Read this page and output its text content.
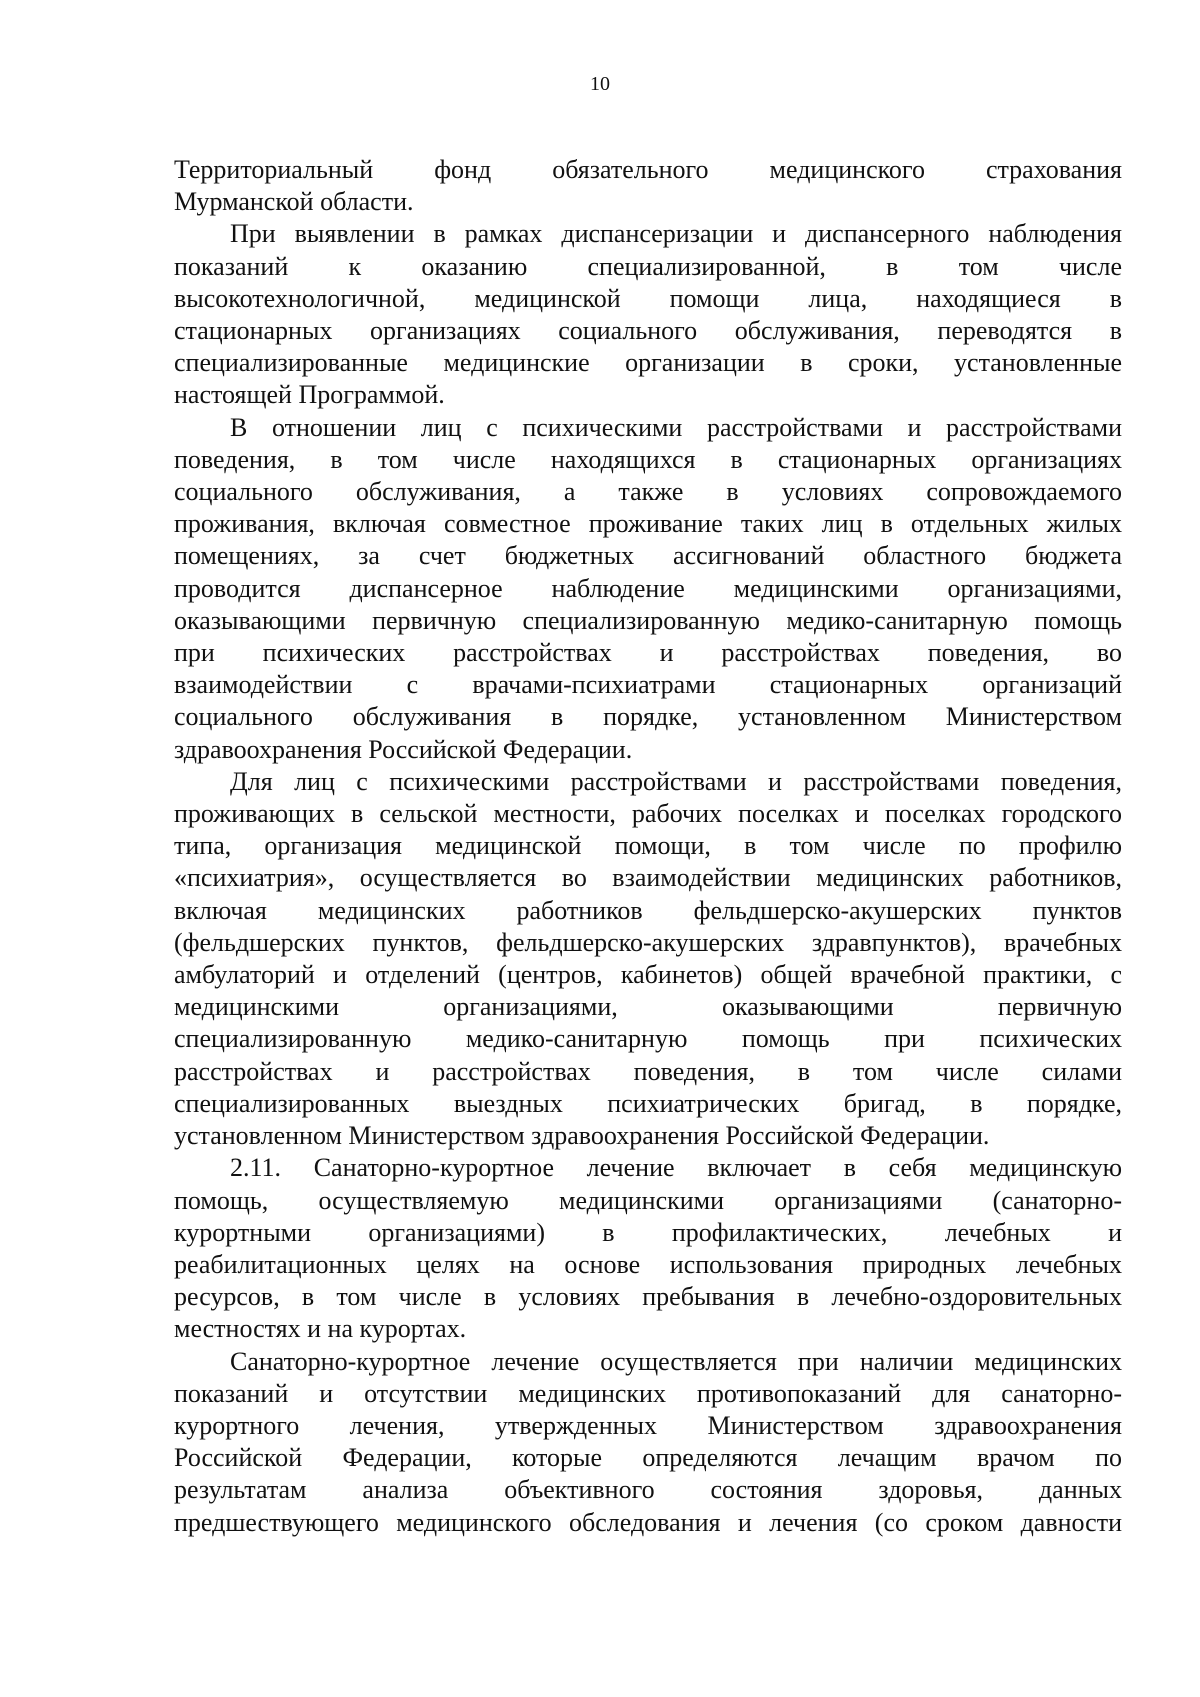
10

Территориальный фонд обязательного медицинского страхования
Мурманской области.

При выявлении в рамках диспансеризации и диспансерного наблюдения
показаний к оказанию специализированной, в том числе
высокотехнологичной, медицинской помощи лица, находящиеся в
стационарных организациях социального обслуживания, переводятся в
специализированные медицинские организации в сроки, установленные
настоящей Программой.

В отношении лиц с психическими расстройствами и расстройствами
поведения, в том числе находящихся в стационарных организациях
социального обслуживания, а также в условиях сопровождаемого
проживания, включая совместное проживание таких лиц в отдельных жилых
помещениях, за счет бюджетных ассигнований областного бюджета
проводится диспансерное наблюдение медицинскими организациями,
оказывающими первичную специализированную медико-санитарную помощь
при психических расстройствах и расстройствах поведения, во
взаимодействии с врачами-психиатрами стационарных организаций
социального обслуживания в порядке, установленном Министерством
здравоохранения Российской Федерации.

Для лиц с психическими расстройствами и расстройствами поведения,
проживающих в сельской местности, рабочих поселках и поселках городского
типа, организация медицинской помощи, в том числе по профилю
«психиатрия», осуществляется во взаимодействии медицинских работников,
включая медицинских работников фельдшерско-акушерских пунктов
(фельдшерских пунктов, фельдшерско-акушерских здравпунктов), врачебных
амбулаторий и отделений (центров, кабинетов) общей врачебной практики, с
медицинскими организациями, оказывающими первичную
специализированную медико-санитарную помощь при психических
расстройствах и расстройствах поведения, в том числе силами
специализированных выездных психиатрических бригад, в порядке,
установленном Министерством здравоохранения Российской Федерации.

2.11. Санаторно-курортное лечение включает в себя медицинскую
помощь, осуществляемую медицинскими организациями (санаторно-
курортными организациями) в профилактических, лечебных и
реабилитационных целях на основе использования природных лечебных
ресурсов, в том числе в условиях пребывания в лечебно-оздоровительных
местностях и на курортах.

Санаторно-курортное лечение осуществляется при наличии медицинских
показаний и отсутствии медицинских противопоказаний для санаторно-
курортного лечения, утвержденных Министерством здравоохранения
Российской Федерации, которые определяются лечащим врачом по
результатам анализа объективного состояния здоровья, данных
предшествующего медицинского обследования и лечения (со сроком давности
